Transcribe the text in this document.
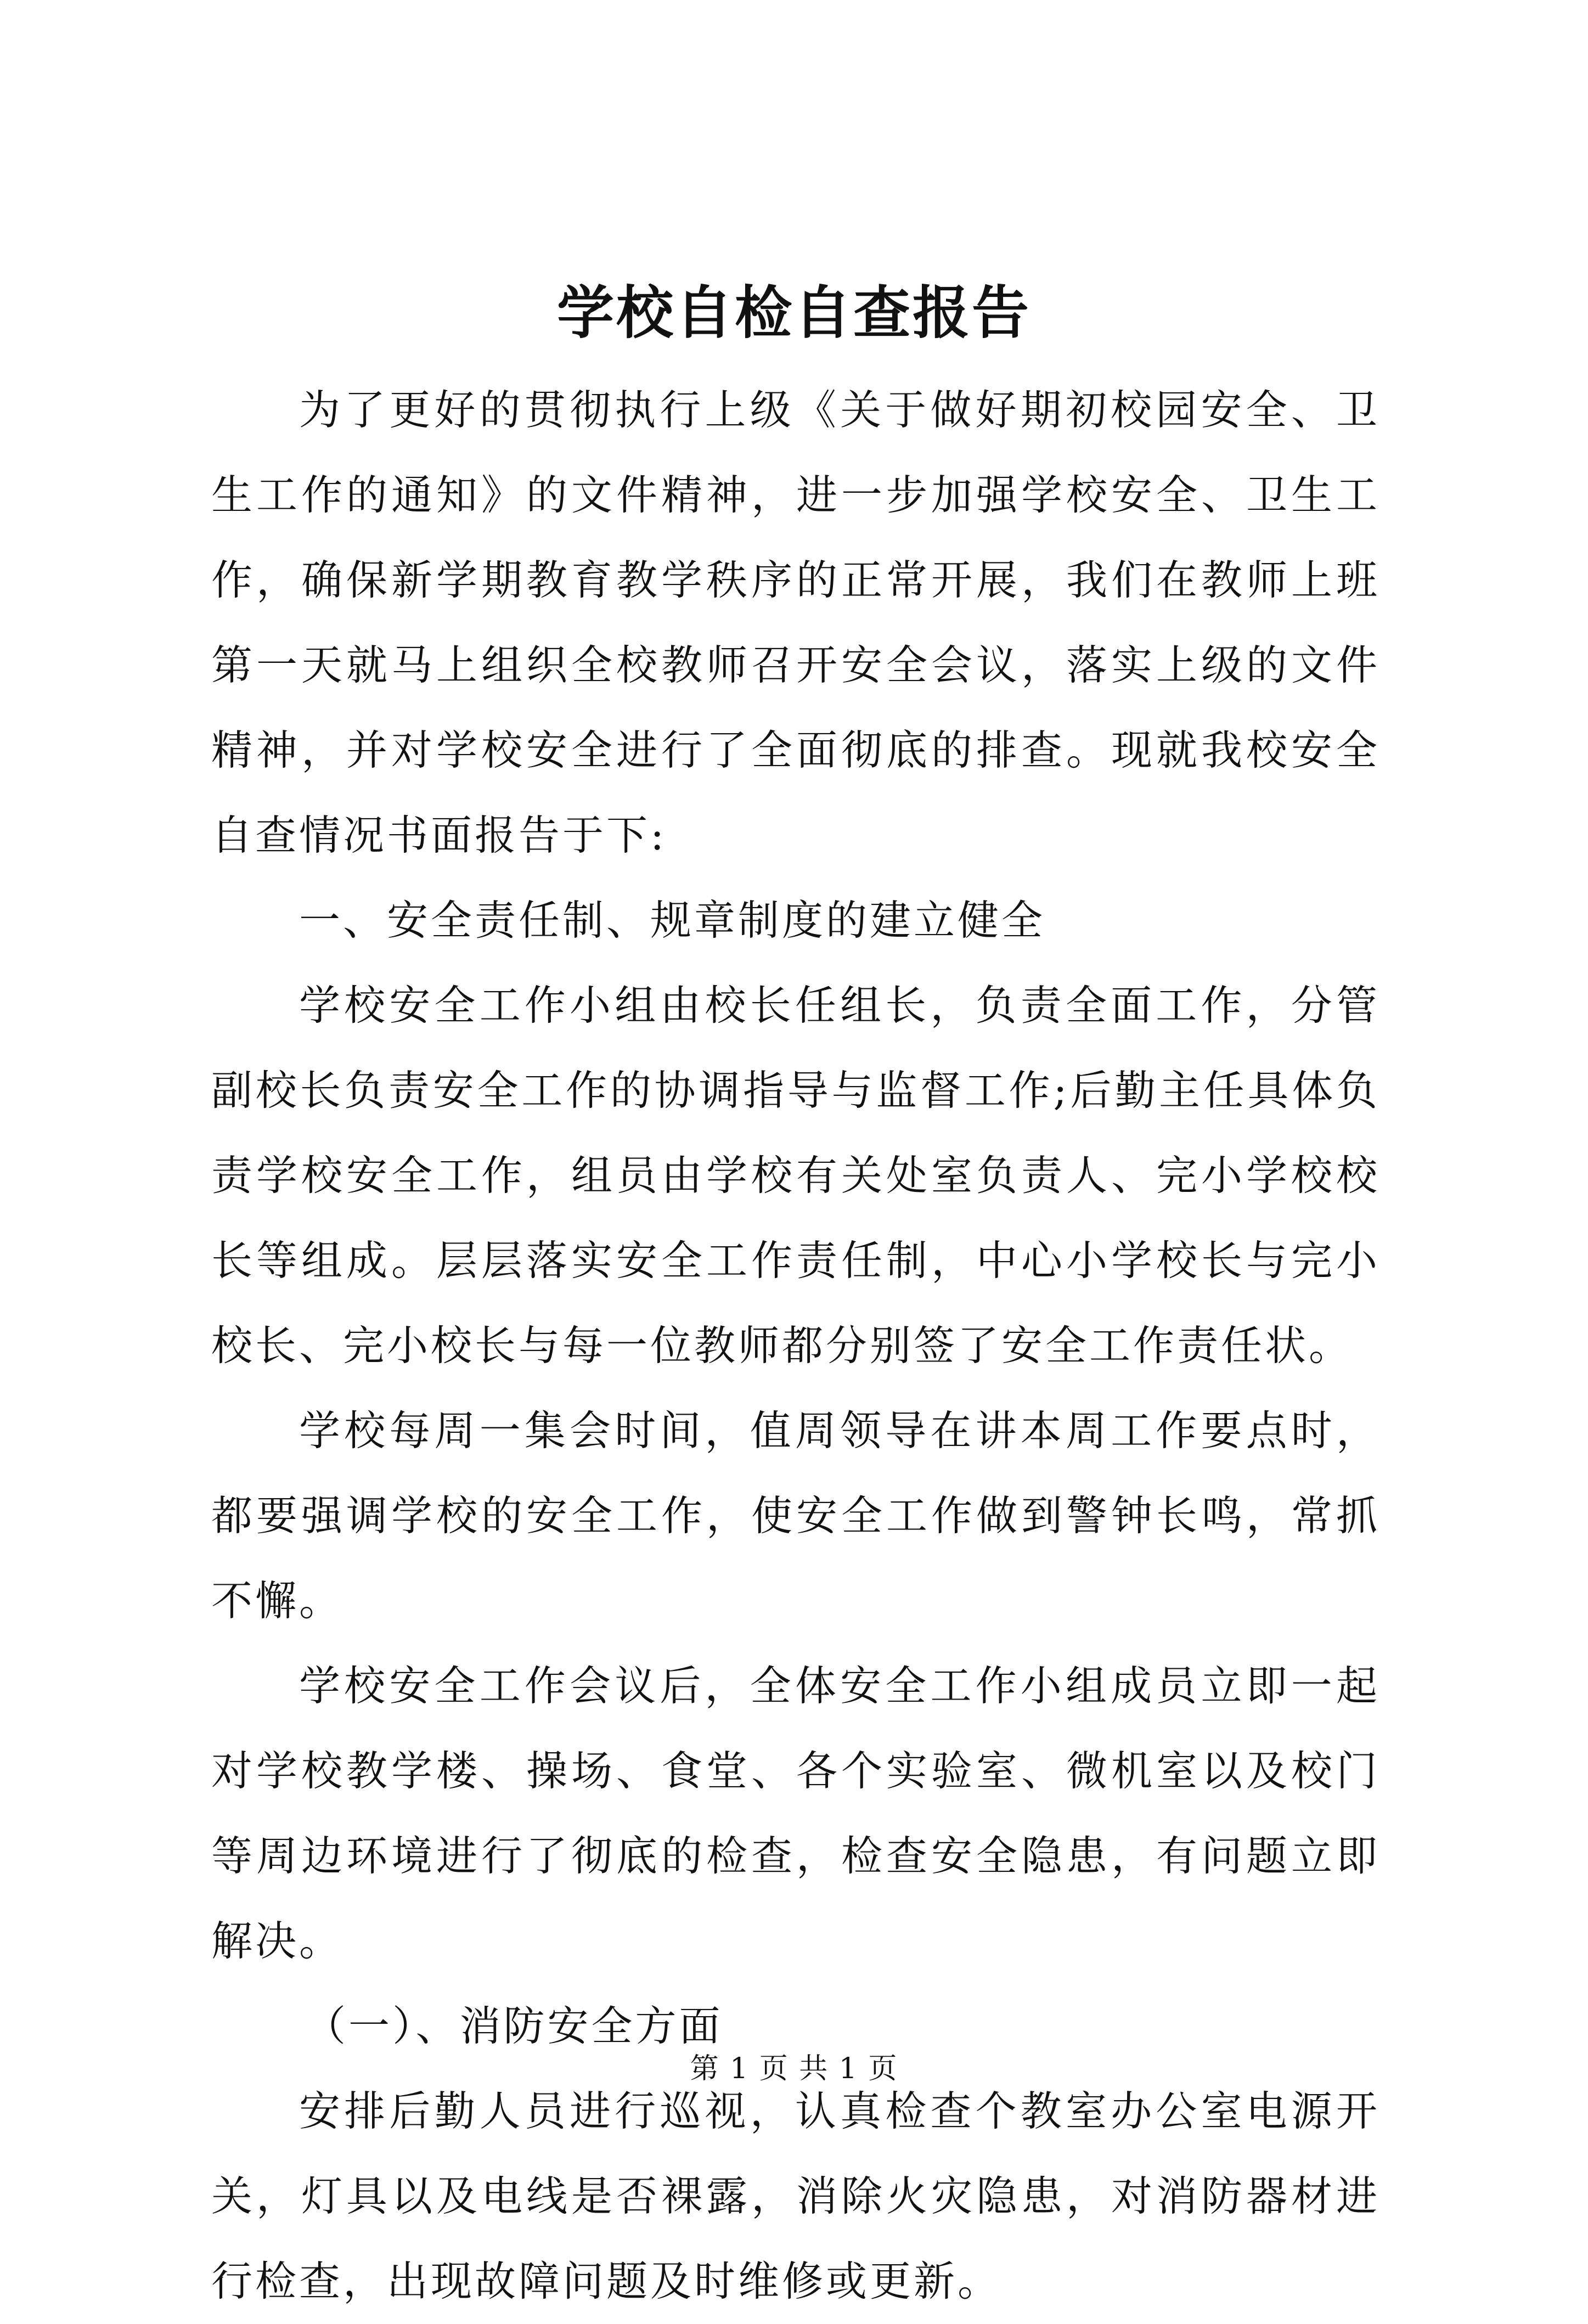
学校自检自查报告

为了更好的贯彻执行上级《关于做好期初校园安全、卫生工作的通知》的文件精神，进一步加强学校安全、卫生工作，确保新学期教育教学秩序的正常开展，我们在教师上班第一天就马上组织全校教师召开安全会议，落实上级的文件精神，并对学校安全进行了全面彻底的排查。现就我校安全自查情况书面报告于下:

一、安全责任制、规章制度的建立健全

学校安全工作小组由校长任组长，负责全面工作，分管副校长负责安全工作的协调指导与监督工作;后勤主任具体负责学校安全工作，组员由学校有关处室负责人、完小学校校长等组成。层层落实安全工作责任制，中心小学校长与完小校长、完小校长与每一位教师都分别签了安全工作责任状。

学校每周一集会时间，值周领导在讲本周工作要点时，都要强调学校的安全工作，使安全工作做到警钟长鸣，常抓不懈。

学校安全工作会议后，全体安全工作小组成员立即一起对学校教学楼、操场、食堂、各个实验室、微机室以及校门等周边环境进行了彻底的检查，检查安全隐患，有问题立即解决。

（一）、消防安全方面

安排后勤人员进行巡视，认真检查个教室办公室电源开关，灯具以及电线是否裸露，消除火灾隐患，对消防器材进行检查，出现故障问题及时维修或更新。

第 1 页 共 1 页
